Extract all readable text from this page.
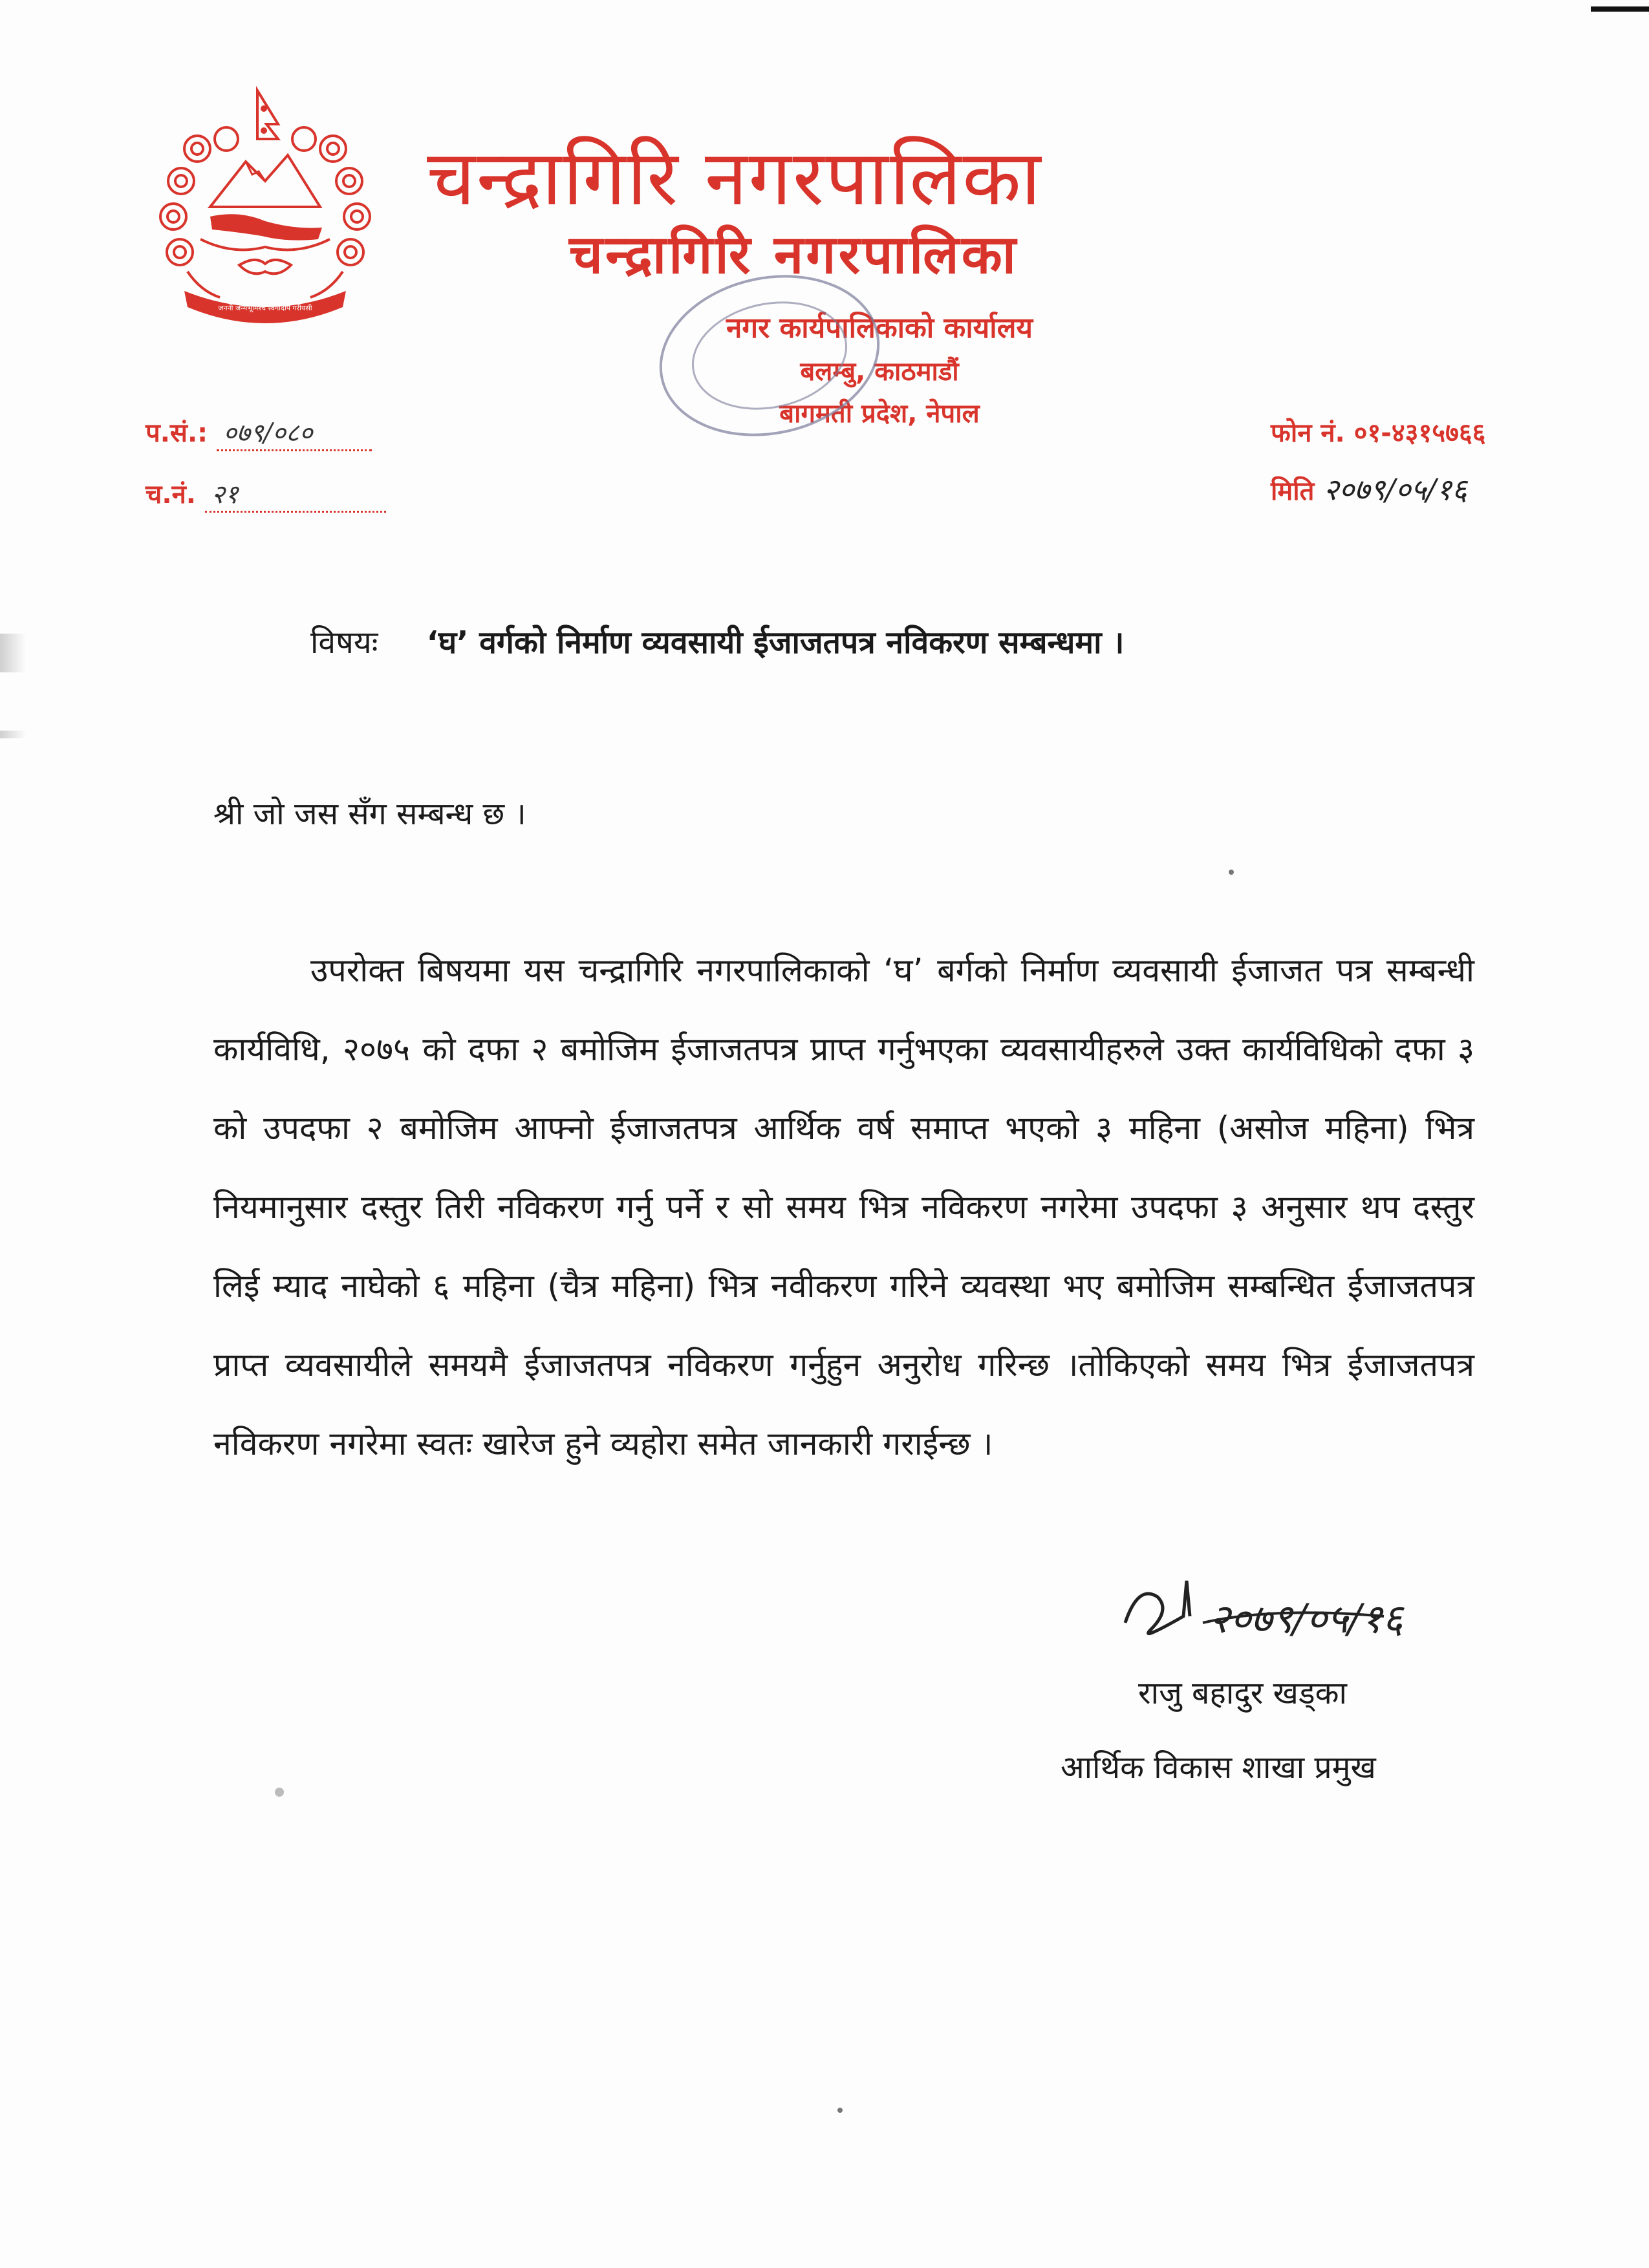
जननी जन्मभूमिश्च स्वर्गादपि गरीयसी
चन्द्रागिरि नगरपालिका
चन्द्रागिरि नगरपालिका
नगर कार्यपालिकाको कार्यालय
बलम्बु, काठमाडौं
बागमती प्रदेश, नेपाल
प.सं.: ०७९/०८०
च.नं. २१
फोन नं. ०१-४३१५७६६
मिति २०७९/०५/१६
विषयः ‘घ’ वर्गको निर्माण व्यवसायी ईजाजतपत्र नविकरण सम्बन्धमा ।
श्री जो जस सँग सम्बन्ध छ ।
उपरोक्त बिषयमा यस चन्द्रागिरि नगरपालिकाको ‘घ’ बर्गको निर्माण व्यवसायी ईजाजत पत्र सम्बन्धी कार्यविधि, २०७५ को दफा २ बमोजिम ईजाजतपत्र प्राप्त गर्नुभएका व्यवसायीहरुले उक्त कार्यविधिको दफा ३ को उपदफा २ बमोजिम आफ्नो ईजाजतपत्र आर्थिक वर्ष समाप्त भएको ३ महिना (असोज महिना) भित्र नियमानुसार दस्तुर तिरी नविकरण गर्नु पर्ने र सो समय भित्र नविकरण नगरेमा उपदफा ३ अनुसार थप दस्तुर लिई म्याद नाघेको ६ महिना (चैत्र महिना) भित्र नवीकरण गरिने व्यवस्था भए बमोजिम सम्बन्धित ईजाजतपत्र प्राप्त व्यवसायीले समयमै ईजाजतपत्र नविकरण गर्नुहुन अनुरोध गरिन्छ ।तोकिएको समय भित्र ईजाजतपत्र नविकरण नगरेमा स्वतः खारेज हुने व्यहोरा समेत जानकारी गराईन्छ ।
२०७९/०५/१६
राजु बहादुर खड्का
आर्थिक विकास शाखा प्रमुख
